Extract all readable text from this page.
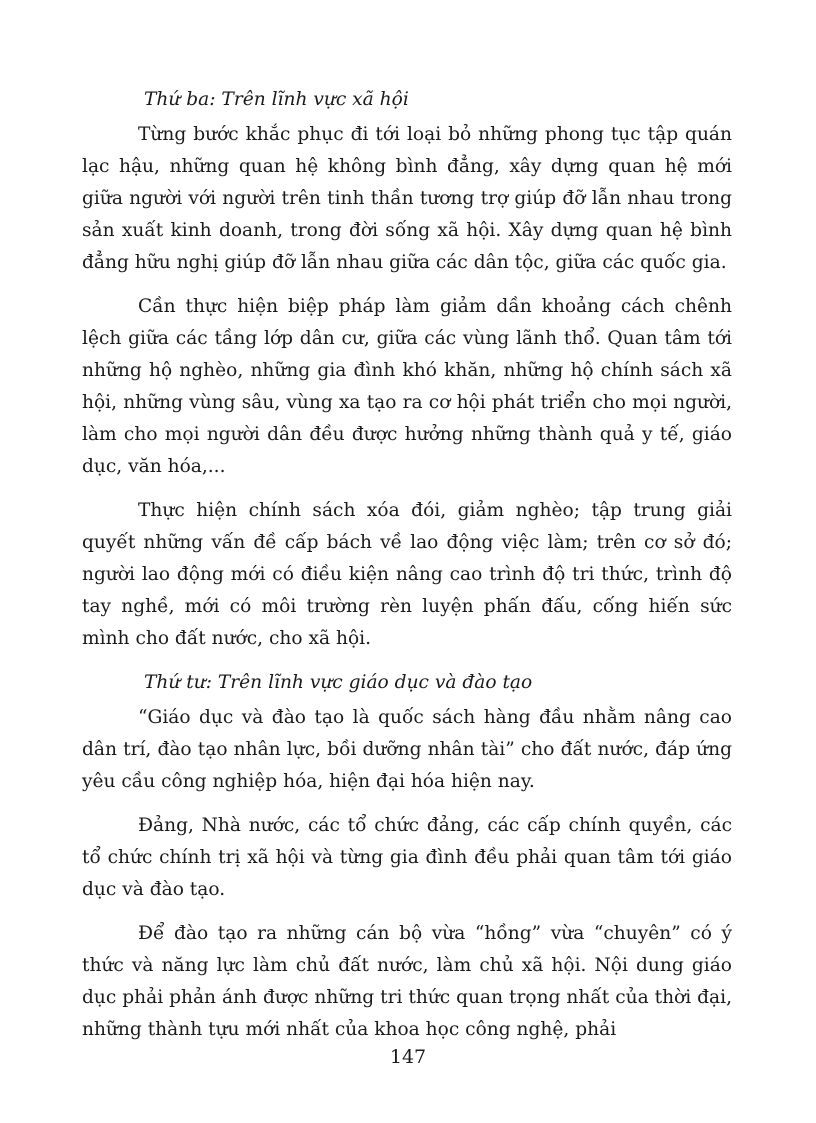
Thứ ba: Trên lĩnh vực xã hội

Từng bước khắc phục đi tới loại bỏ những phong tục tập quán lạc hậu, những quan hệ không bình đẳng, xây dựng quan hệ mới giữa người với người trên tinh thần tương trợ giúp đỡ lẫn nhau trong sản xuất kinh doanh, trong đời sống xã hội. Xây dựng quan hệ bình đẳng hữu nghị giúp đỡ lẫn nhau giữa các dân tộc, giữa các quốc gia.

Cần thực hiện biệp pháp làm giảm dần khoảng cách chênh lệch giữa các tầng lớp dân cư, giữa các vùng lãnh thổ. Quan tâm tới những hộ nghèo, những gia đình khó khăn, những hộ chính sách xã hội, những vùng sâu, vùng xa tạo ra cơ hội phát triển cho mọi người, làm cho mọi người dân đều được hưởng những thành quả y tế, giáo dục, văn hóa,...

Thực hiện chính sách xóa đói, giảm nghèo; tập trung giải quyết những vấn đề cấp bách về lao động việc làm; trên cơ sở đó; người lao động mới có điều kiện nâng cao trình độ tri thức, trình độ tay nghề, mới có môi trường rèn luyện phấn đấu, cống hiến sức mình cho đất nước, cho xã hội.

Thứ tư: Trên lĩnh vực giáo dục và đào tạo

“Giáo dục và đào tạo là quốc sách hàng đầu nhằm nâng cao dân trí, đào tạo nhân lực, bồi dưỡng nhân tài” cho đất nước, đáp ứng yêu cầu công nghiệp hóa, hiện đại hóa hiện nay.

Đảng, Nhà nước, các tổ chức đảng, các cấp chính quyền, các tổ chức chính trị xã hội và từng gia đình đều phải quan tâm tới giáo dục và đào tạo.

Để đào tạo ra những cán bộ vừa “hồng” vừa “chuyên” có ý thức và năng lực làm chủ đất nước, làm chủ xã hội. Nội dung giáo dục phải phản ánh được những tri thức quan trọng nhất của thời đại, những thành tựu mới nhất của khoa học công nghệ, phải

147
